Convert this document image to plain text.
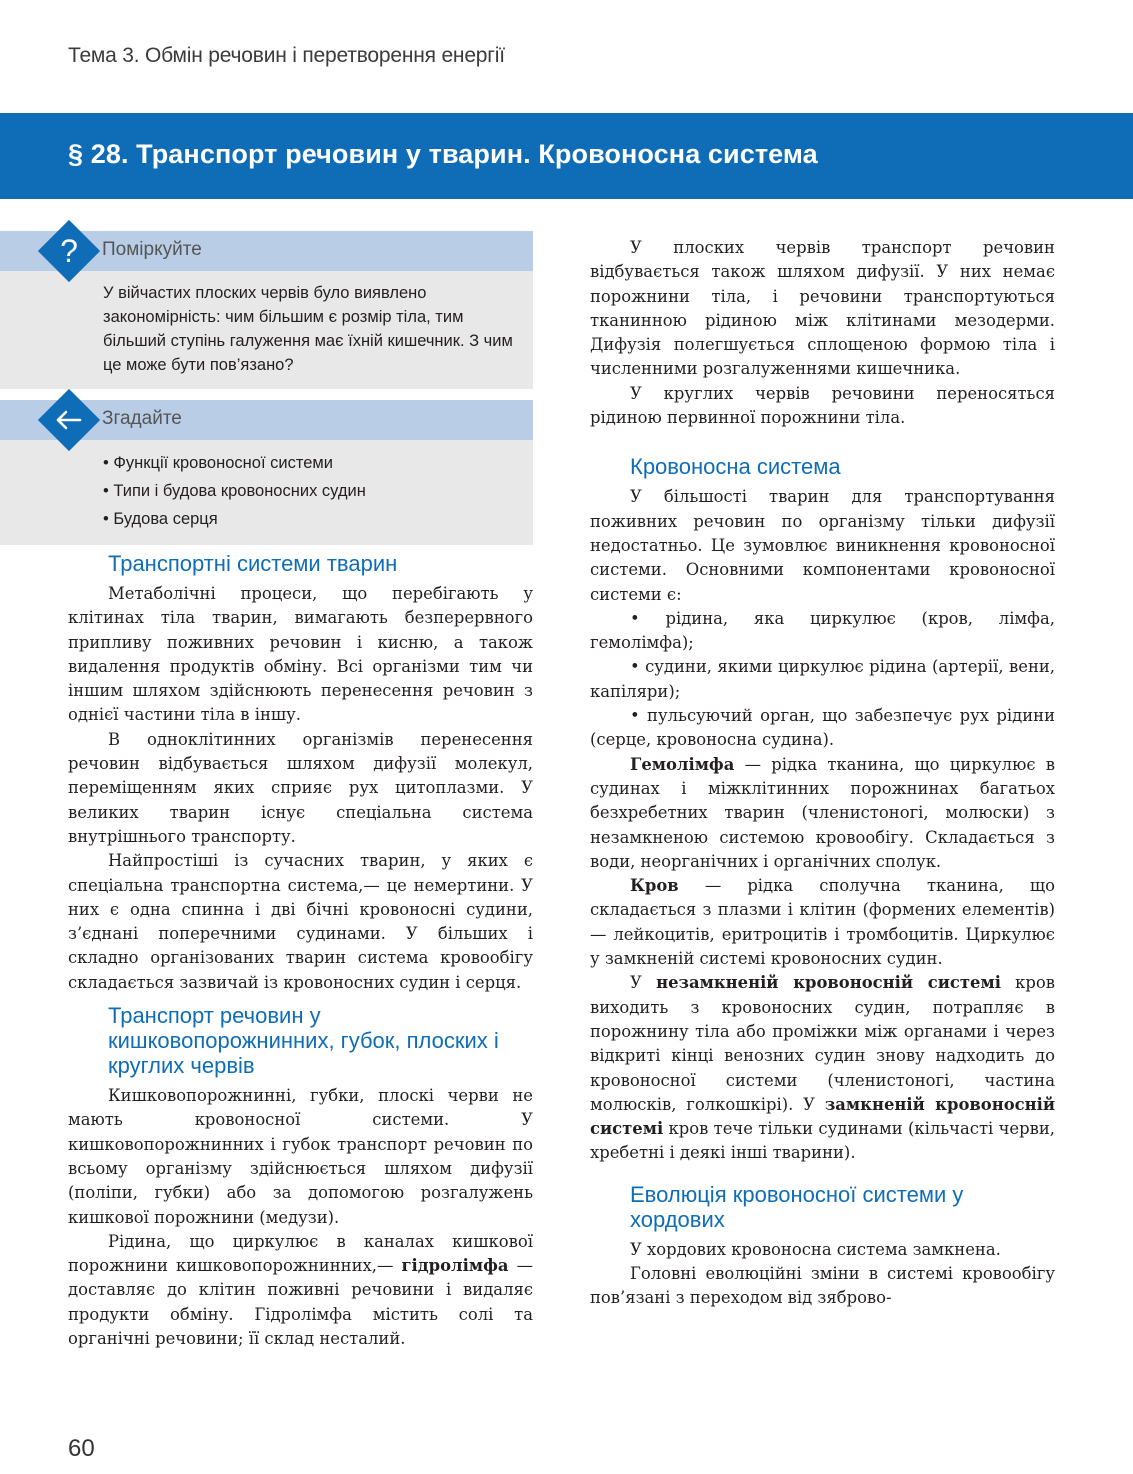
Тема 3. Обмін речовин і перетворення енергії
§ 28. Транспорт речовин у тварин. Кровоносна система
?	Поміркуйте
У війчастих плоских червів було виявлено закономірність: чим більшим є розмір тіла, тим більший ступінь галуження має їхній кишечник. З чим це може бути пов’язано?
Згадайте
• Функції кровоносної системи
• Типи і будова кровоносних судин
• Будова серця
Транспортні системи тварин

Метаболічні процеси, що перебігають у клітинах тіла тварин, вимагають безперервного припливу поживних речовин і кисню, а також видалення продуктів обміну. Всі організми тим чи іншим шляхом здійснюють перенесення речовин з однієї частини тіла в іншу.

В одноклітинних організмів перенесення речовин відбувається шляхом дифузії молекул, переміщенням яких сприяє рух цитоплазми. У великих тварин існує спеціальна система внутрішнього транспорту.

Найпростіші із сучасних тварин, у яких є спеціальна транспортна система,— це немертини. У них є одна спинна і дві бічні кровоносні судини, з’єднані поперечними судинами. У більших і складно організованих тварин система кровообігу складається зазвичай із кровоносних судин і серця.

Транспорт речовин у кишковопорожнинних, губок, плоских і круглих червів

Кишковопорожнинні, губки, плоскі черви не мають кровоносної системи. У кишковопорожнинних і губок транспорт речовин по всьому організму здійснюється шляхом дифузії (поліпи, губки) або за допомогою розгалужень кишкової порожнини (медузи).

Рідина, що циркулює в каналах кишкової порожнини кишковопорожнинних,— гідролімфа — доставляє до клітин поживні речовини і видаляє продукти обміну. Гідролімфа містить солі та органічні речовини; її склад несталий.

У плоских червів транспорт речовин відбувається також шляхом дифузії. У них немає порожнини тіла, і речовини транспортуються тканинною рідиною між клітинами мезодерми. Дифузія полегшується сплощеною формою тіла і численними розгалуженнями кишечника.

У круглих червів речовини переносяться рідиною первинної порожнини тіла.

Кровоносна система

У більшості тварин для транспортування поживних речовин по організму тільки дифузії недостатньо. Це зумовлює виникнення кровоносної системи. Основними компонентами кровоносної системи є:

• рідина, яка циркулює (кров, лімфа, гемолімфа);

• судини, якими циркулює рідина (артерії, вени, капіляри);

• пульсуючий орган, що забезпечує рух рідини (серце, кровоносна судина).

Гемолімфа — рідка тканина, що циркулює в судинах і міжклітинних порожнинах багатьох безхребетних тварин (членистоногі, молюски) з незамкненою системою кровообігу. Складається з води, неорганічних і органічних сполук.

Кров — рідка сполучна тканина, що складається з плазми і клітин (формених елементів) — лейкоцитів, еритроцитів і тромбоцитів. Циркулює у замкненій системі кровоносних судин.

У незамкненій кровоносній системі кров виходить з кровоносних судин, потрапляє в порожнину тіла або проміжки між органами і через відкриті кінці венозних судин знову надходить до кровоносної системи (членистоногі, частина молюсків, голкошкірі). У замкненій кровоносній системі кров тече тільки судинами (кільчасті черви, хребетні і деякі інші тварини).

Еволюція кровоносної системи у хордових

У хордових кровоносна система замкнена.

Головні еволюційні зміни в системі кровообігу пов’язані з переходом від зяброво-

60
